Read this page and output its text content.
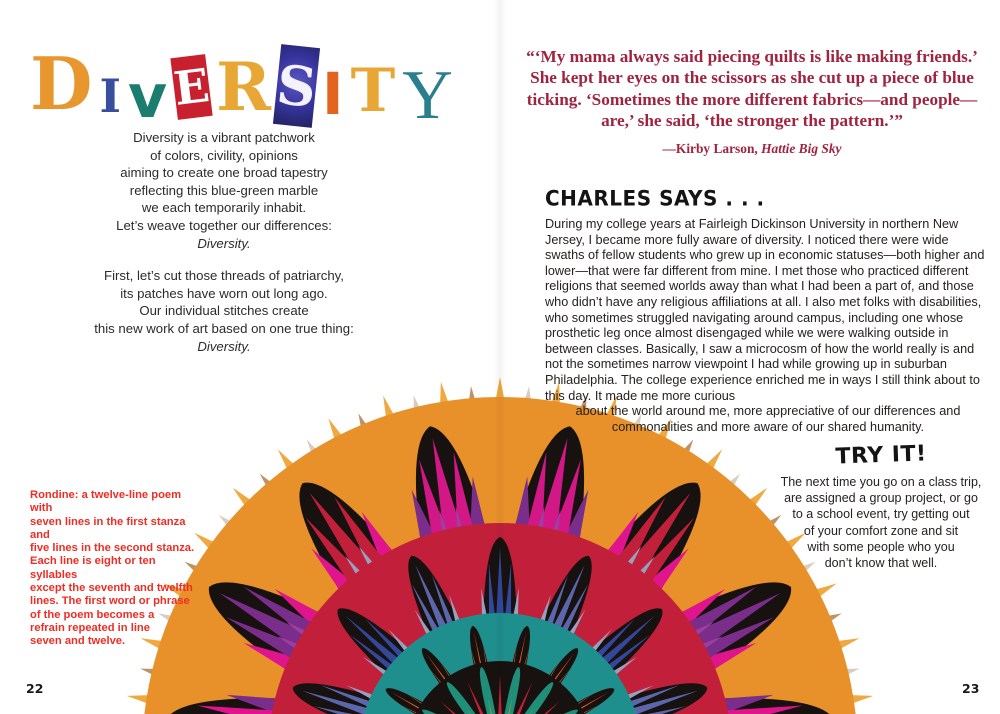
D I v E R S I T Y
Diversity is a vibrant patchwork
of colors, civility, opinions
aiming to create one broad tapestry
reflecting this blue-green marble
we each temporarily inhabit.
Let’s weave together our differences:
Diversity.
First, let’s cut those threads of patriarchy,
its patches have worn out long ago.
Our individual stitches create
this new work of art based on one true thing:
Diversity.
Rondine: a twelve-line poem with
seven lines in the first stanza and
five lines in the second stanza.
Each line is eight or ten syllables
except the seventh and twelfth
lines. The first word or phrase
of the poem becomes a
refrain repeated in line
seven and twelve.
“‘My mama always said piecing quilts is like making friends.’
She kept her eyes on the scissors as she cut up a piece of blue
ticking. ‘Sometimes the more different fabrics—and people—
are,’ she said, ‘the stronger the pattern.’”
—Kirby Larson, Hattie Big Sky
CHARLES SAYS . . .
During my college years at Fairleigh Dickinson University in northern New Jersey, I became more fully aware of diversity. I noticed there were wide swaths of fellow students who grew up in economic statuses—both higher and lower—that were far different from mine. I met those who practiced different religions that seemed worlds away than what I had been a part of, and those who didn’t have any religious affiliations at all. I also met folks with disabilities, who sometimes struggled navigating around campus, including one whose prosthetic leg once almost disengaged while we were walking outside in between classes. Basically, I saw a microcosm of how the world really is and not the sometimes narrow viewpoint I had while growing up in suburban Philadelphia. The college experience enriched me in ways I still think about to this day. It made me more curious
about the world around me, more appreciative of our differences and
commonalities and more aware of our shared humanity.
TRY IT!
The next time you go on a class trip,
are assigned a group project, or go
to a school event, try getting out
of your comfort zone and sit
with some people who you
don’t know that well.
22	23
